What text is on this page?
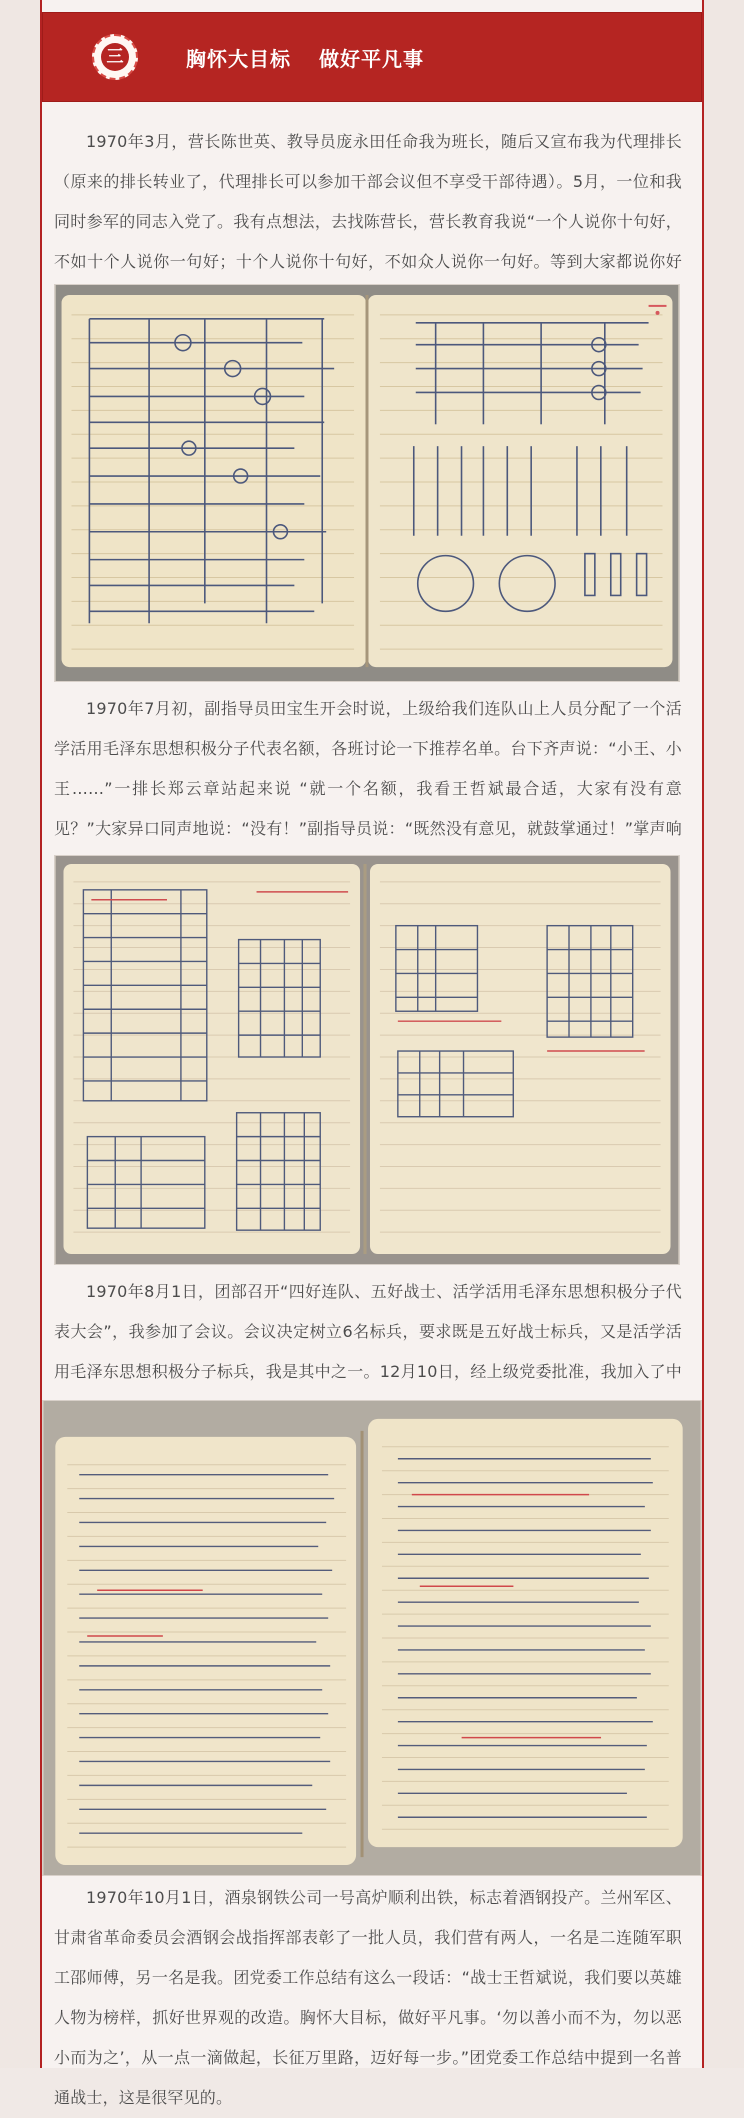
三	胸怀大目标 做好平凡事

1970年3月，营长陈世英、教导员庞永田任命我为班长，随后又宣布我为代理排长（原来的排长转业了，代理排长可以参加干部会议但不享受干部待遇）。5月，一位和我同时参军的同志入党了。我有点想法，去找陈营长，营长教育我说“一个人说你十句好，不如十个人说你一句好；十个人说你十句好，不如众人说你一句好。等到大家都说你好

1970年7月初，副指导员田宝生开会时说，上级给我们连队山上人员分配了一个活学活用毛泽东思想积极分子代表名额，各班讨论一下推荐名单。台下齐声说：“小王、小王……”一排长郑云章站起来说 “就一个名额，我看王哲斌最合适，大家有没有意见？”大家异口同声地说：“没有！”副指导员说：“既然没有意见，就鼓掌通过！”掌声响

1970年8月1日，团部召开“四好连队、五好战士、活学活用毛泽东思想积极分子代表大会”，我参加了会议。会议决定树立6名标兵，要求既是五好战士标兵，又是活学活用毛泽东思想积极分子标兵，我是其中之一。12月10日，经上级党委批准，我加入了中

1970年10月1日，酒泉钢铁公司一号高炉顺利出铁，标志着酒钢投产。兰州军区、甘肃省革命委员会酒钢会战指挥部表彰了一批人员，我们营有两人，一名是二连随军职工邵师傅，另一名是我。团党委工作总结有这么一段话：“战士王哲斌说，我们要以英雄人物为榜样，抓好世界观的改造。胸怀大目标，做好平凡事。‘勿以善小而不为，勿以恶小而为之’，从一点一滴做起，长征万里路，迈好每一步。”团党委工作总结中提到一名普通战士，这是很罕见的。
